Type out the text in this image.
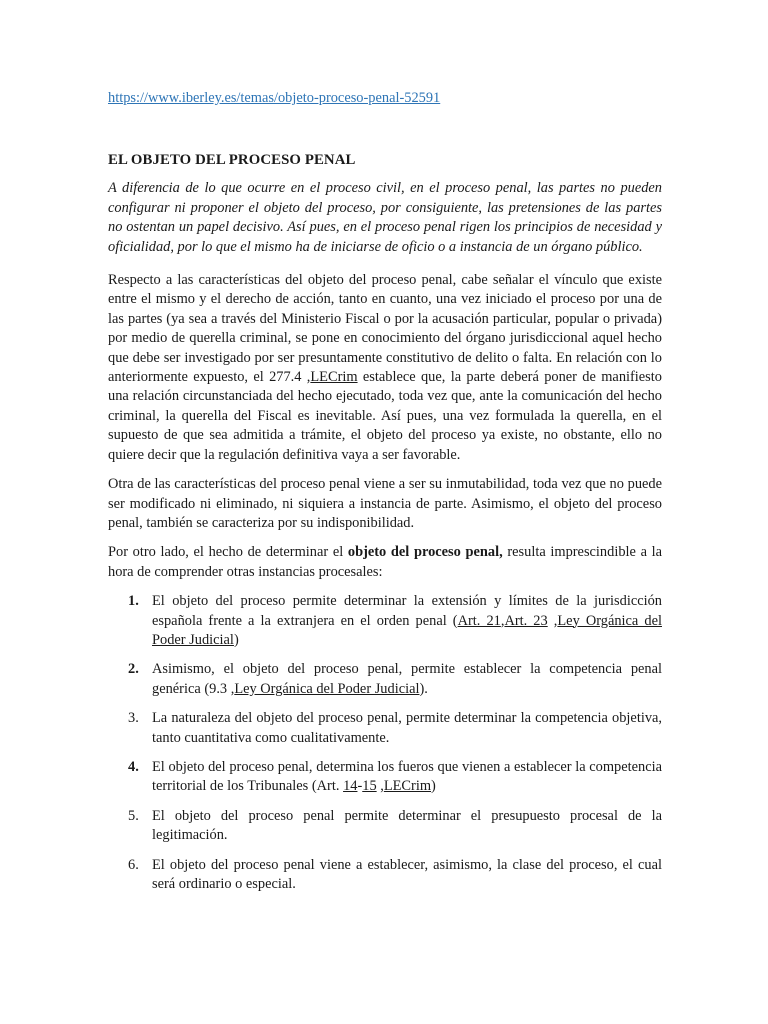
https://www.iberley.es/temas/objeto-proceso-penal-52591
EL OBJETO DEL PROCESO PENAL

A diferencia de lo que ocurre en el proceso civil, en el proceso penal, las partes no pueden configurar ni proponer el objeto del proceso, por consiguiente, las pretensiones de las partes no ostentan un papel decisivo. Así pues, en el proceso penal rigen los principios de necesidad y oficialidad, por lo que el mismo ha de iniciarse de oficio o a instancia de un órgano público.

Respecto a las características del objeto del proceso penal, cabe señalar el vínculo que existe entre el mismo y el derecho de acción, tanto en cuanto, una vez iniciado el proceso por una de las partes (ya sea a través del Ministerio Fiscal o por la acusación particular, popular o privada) por medio de querella criminal, se pone en conocimiento del órgano jurisdiccional aquel hecho que debe ser investigado por ser presuntamente constitutivo de delito o falta. En relación con lo anteriormente expuesto, el 277.4 ,LECrim establece que, la parte deberá poner de manifiesto una relación circunstanciada del hecho ejecutado, toda vez que, ante la comunicación del hecho criminal, la querella del Fiscal es inevitable. Así pues, una vez formulada la querella, en el supuesto de que sea admitida a trámite, el objeto del proceso ya existe, no obstante, ello no quiere decir que la regulación definitiva vaya a ser favorable.

Otra de las características del proceso penal viene a ser su inmutabilidad, toda vez que no puede ser modificado ni eliminado, ni siquiera a instancia de parte. Asimismo, el objeto del proceso penal, también se caracteriza por su indisponibilidad.

Por otro lado, el hecho de determinar el objeto del proceso penal, resulta imprescindible a la hora de comprender otras instancias procesales:

1. El objeto del proceso permite determinar la extensión y límites de la jurisdicción española frente a la extranjera en el orden penal (Art. 21,Art. 23 ,Ley Orgánica del Poder Judicial)
2. Asimismo, el objeto del proceso penal, permite establecer la competencia penal genérica (9.3 ,Ley Orgánica del Poder Judicial).
3. La naturaleza del objeto del proceso penal, permite determinar la competencia objetiva, tanto cuantitativa como cualitativamente.
4. El objeto del proceso penal, determina los fueros que vienen a establecer la competencia territorial de los Tribunales (Art. 14-15 ,LECrim)
5. El objeto del proceso penal permite determinar el presupuesto procesal de la legitimación.
6. El objeto del proceso penal viene a establecer, asimismo, la clase del proceso, el cual será ordinario o especial.
